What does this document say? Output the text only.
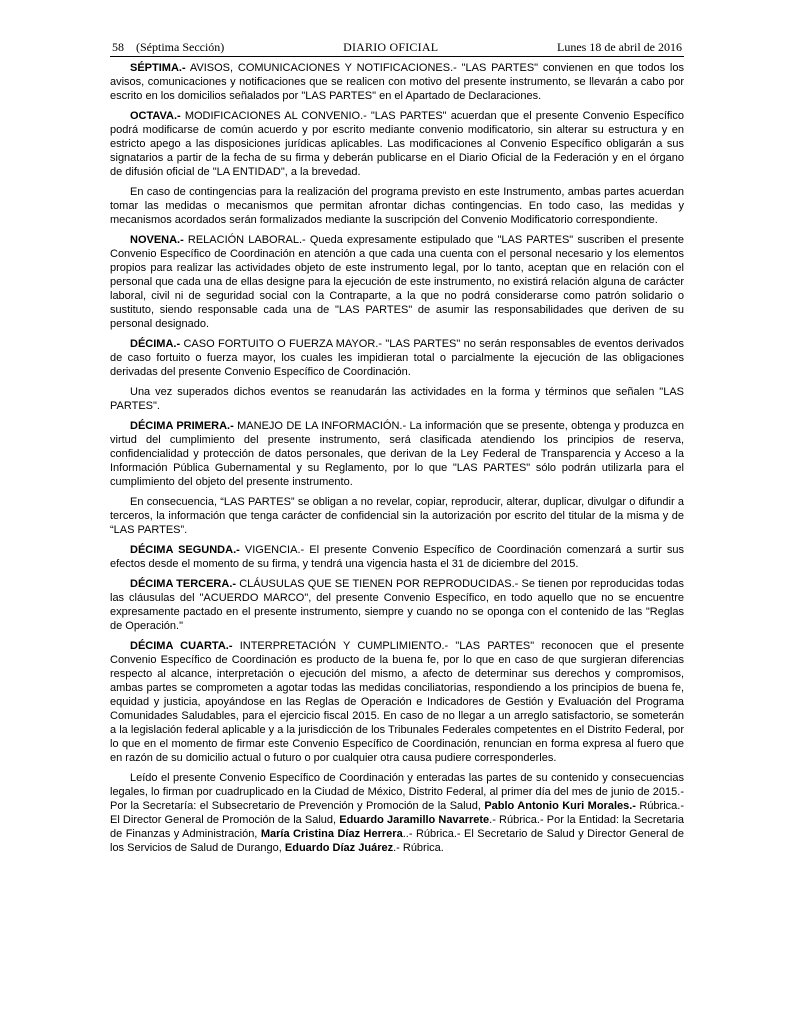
58 (Séptima Sección)	DIARIO OFICIAL	Lunes 18 de abril de 2016

SÉPTIMA.- AVISOS, COMUNICACIONES Y NOTIFICACIONES.- "LAS PARTES" convienen en que todos los avisos, comunicaciones y notificaciones que se realicen con motivo del presente instrumento, se llevarán a cabo por escrito en los domicilios señalados por "LAS PARTES" en el Apartado de Declaraciones.

OCTAVA.- MODIFICACIONES AL CONVENIO.- "LAS PARTES" acuerdan que el presente Convenio Específico podrá modificarse de común acuerdo y por escrito mediante convenio modificatorio, sin alterar su estructura y en estricto apego a las disposiciones jurídicas aplicables. Las modificaciones al Convenio Específico obligarán a sus signatarios a partir de la fecha de su firma y deberán publicarse en el Diario Oficial de la Federación y en el órgano de difusión oficial de "LA ENTIDAD", a la brevedad.

En caso de contingencias para la realización del programa previsto en este Instrumento, ambas partes acuerdan tomar las medidas o mecanismos que permitan afrontar dichas contingencias. En todo caso, las medidas y mecanismos acordados serán formalizados mediante la suscripción del Convenio Modificatorio correspondiente.

NOVENA.- RELACIÓN LABORAL.- Queda expresamente estipulado que "LAS PARTES" suscriben el presente Convenio Específico de Coordinación en atención a que cada una cuenta con el personal necesario y los elementos propios para realizar las actividades objeto de este instrumento legal, por lo tanto, aceptan que en relación con el personal que cada una de ellas designe para la ejecución de este instrumento, no existirá relación alguna de carácter laboral, civil ni de seguridad social con la Contraparte, a la que no podrá considerarse como patrón solidario o sustituto, siendo responsable cada una de "LAS PARTES" de asumir las responsabilidades que deriven de su personal designado.

DÉCIMA.- CASO FORTUITO O FUERZA MAYOR.- "LAS PARTES" no serán responsables de eventos derivados de caso fortuito o fuerza mayor, los cuales les impidieran total o parcialmente la ejecución de las obligaciones derivadas del presente Convenio Específico de Coordinación.

Una vez superados dichos eventos se reanudarán las actividades en la forma y términos que señalen "LAS PARTES".

DÉCIMA PRIMERA.- MANEJO DE LA INFORMACIÓN.- La información que se presente, obtenga y produzca en virtud del cumplimiento del presente instrumento, será clasificada atendiendo los principios de reserva, confidencialidad y protección de datos personales, que derivan de la Ley Federal de Transparencia y Acceso a la Información Pública Gubernamental y su Reglamento, por lo que "LAS PARTES" sólo podrán utilizarla para el cumplimiento del objeto del presente instrumento.

En consecuencia, “LAS PARTES” se obligan a no revelar, copiar, reproducir, alterar, duplicar, divulgar o difundir a terceros, la información que tenga carácter de confidencial sin la autorización por escrito del titular de la misma y de “LAS PARTES”.

DÉCIMA SEGUNDA.- VIGENCIA.- El presente Convenio Específico de Coordinación comenzará a surtir sus efectos desde el momento de su firma, y tendrá una vigencia hasta el 31 de diciembre del 2015.

DÉCIMA TERCERA.- CLÁUSULAS QUE SE TIENEN POR REPRODUCIDAS.- Se tienen por reproducidas todas las cláusulas del "ACUERDO MARCO", del presente Convenio Específico, en todo aquello que no se encuentre expresamente pactado en el presente instrumento, siempre y cuando no se oponga con el contenido de las "Reglas de Operación."

DÉCIMA CUARTA.- INTERPRETACIÓN Y CUMPLIMIENTO.- "LAS PARTES" reconocen que el presente Convenio Específico de Coordinación es producto de la buena fe, por lo que en caso de que surgieran diferencias respecto al alcance, interpretación o ejecución del mismo, a afecto de determinar sus derechos y compromisos, ambas partes se comprometen a agotar todas las medidas conciliatorias, respondiendo a los principios de buena fe, equidad y justicia, apoyándose en las Reglas de Operación e Indicadores de Gestión y Evaluación del Programa Comunidades Saludables, para el ejercicio fiscal 2015. En caso de no llegar a un arreglo satisfactorio, se someterán a la legislación federal aplicable y a la jurisdicción de los Tribunales Federales competentes en el Distrito Federal, por lo que en el momento de firmar este Convenio Específico de Coordinación, renuncian en forma expresa al fuero que en razón de su domicilio actual o futuro o por cualquier otra causa pudiere corresponderles.

Leído el presente Convenio Específico de Coordinación y enteradas las partes de su contenido y consecuencias legales, lo firman por cuadruplicado en la Ciudad de México, Distrito Federal, al primer día del mes de junio de 2015.- Por la Secretaría: el Subsecretario de Prevención y Promoción de la Salud, Pablo Antonio Kuri Morales.- Rúbrica.- El Director General de Promoción de la Salud, Eduardo Jaramillo Navarrete.- Rúbrica.- Por la Entidad: la Secretaria de Finanzas y Administración, María Cristina Díaz Herrera..- Rúbrica.- El Secretario de Salud y Director General de los Servicios de Salud de Durango, Eduardo Díaz Juárez.- Rúbrica.
